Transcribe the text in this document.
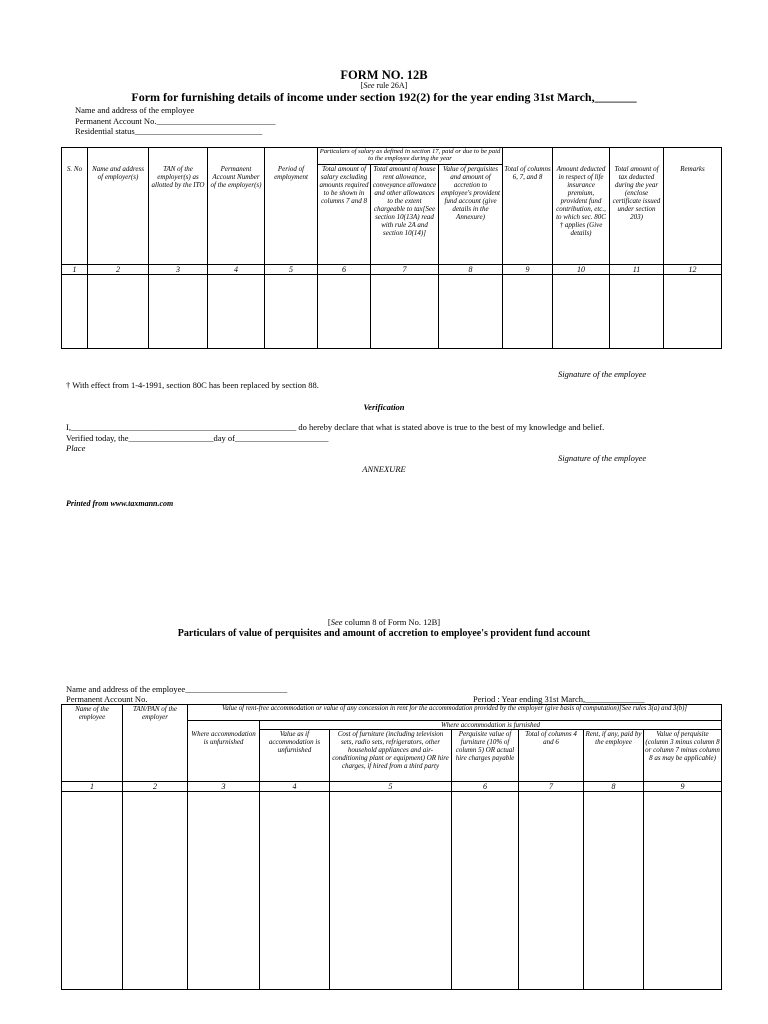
FORM NO. 12B
[See rule 26A]
Form for furnishing details of income under section 192(2) for the year ending 31st March,_______
Name and address of the employee
Permanent Account No.____________________________
Residential status______________________________
S. No	Name and address of employer(s)	TAN of the employer(s) as allotted by the ITO	Permanent Account Number of the employer(s)	Period of employment	Particulars of salary as defined in section 17, paid or due to be paid to the employee during the year			Total of columns 6, 7, and 8	Amount deducted in respect of life insurance premium, provident fund contribution, etc., to which sec. 80C † applies (Give details)	Total amount of tax deducted during the year (enclose certificate issued under section 203)	Remarks
					Total amount of salary excluding amounts required to be shown in columns 7 and 8	Total amount of house rent allowance, conveyance allowance and other allowances to the extent chargeable to tax[See section 10(13A) read with rule 2A and section 10(14)]	Value of perquisites and amount of accretion to employee's provident fund account (give details in the Annexure)				
1	2	3	4	5	6	7	8	9	10	11	12

Signature of the employee
† With effect from 1-4-1991, section 80C has been replaced by section 88.
Verification
I,_____________________________________________________ do hereby declare that what is stated above is true to the best of my knowledge and belief.
Verified today, the____________________day of______________________
Place
Signature of the employee
ANNEXURE
Printed from www.taxmann.com
[See column 8 of Form No. 12B]
Particulars of value of perquisites and amount of accretion to employee's provident fund account
Name and address of the employee________________________
Permanent Account No.	Period : Year ending 31st March,______________
Name of the employee	TAN/PAN of the employer	Value of rent-free accommodation or value of any concession in rent for the accommodation provided by the employer (give basis of computation)[See rules 3(a) and 3(b)]						
			Where accommodation is furnished					
		Where accommodation is unfurnished	Value as if accommodation is unfurnished	Cost of furniture (including television sets, radio sets, refrigerators, other household appliances and air-conditioning plant or equipment) OR hire charges, if hired from a third party	Perquisite value of furniture (10% of column 5) OR actual hire charges payable	Total of columns 4 and 6	Rent, if any, paid by the employee	Value of perquisite (column 3 minus column 8 or column 7 minus column 8 as may be applicable)
1	2	3	4	5	6	7	8	9
